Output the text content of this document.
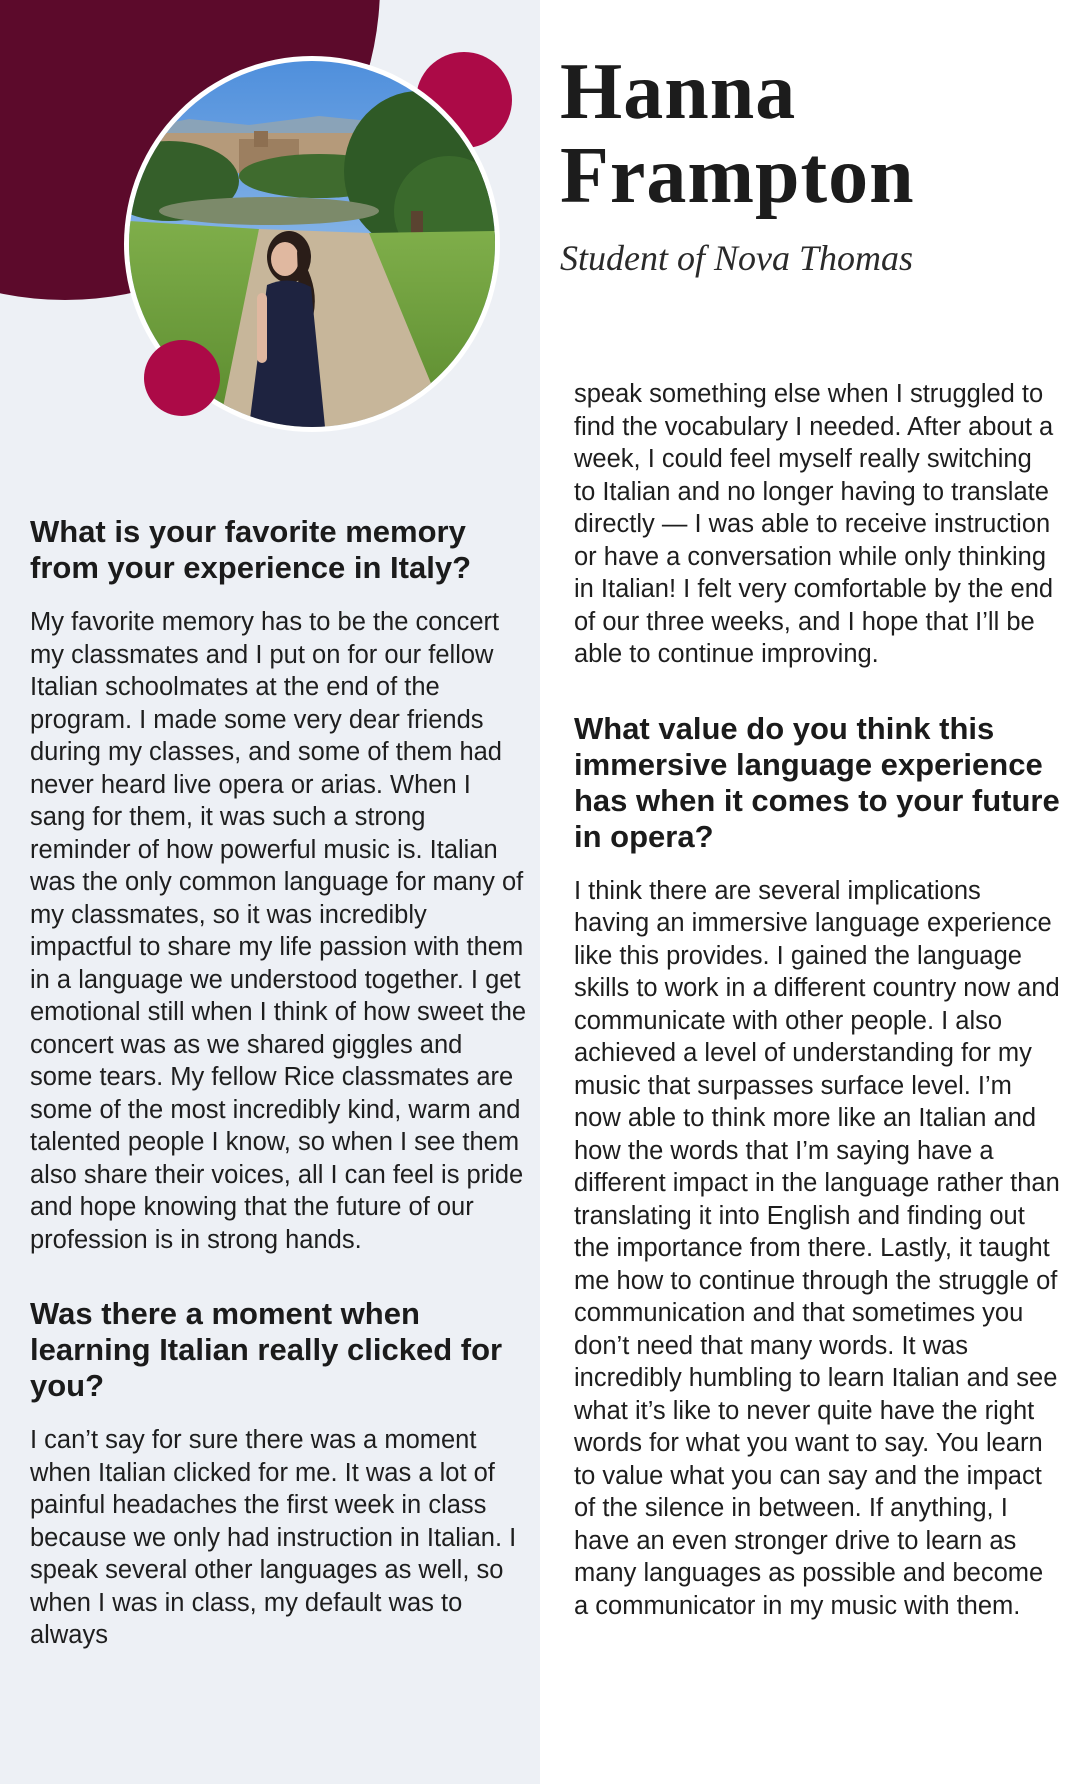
Hanna
Frampton
Student of Nova Thomas
What is your favorite memory from your experience in Italy?

My favorite memory has to be the concert my classmates and I put on for our fellow Italian schoolmates at the end of the program. I made some very dear friends during my classes, and some of them had never heard live opera or arias. When I sang for them, it was such a strong reminder of how powerful music is. Italian was the only common language for many of my classmates, so it was incredibly impactful to share my life passion with them in a language we understood together. I get emotional still when I think of how sweet the concert was as we shared giggles and some tears. My fellow Rice classmates are some of the most incredibly kind, warm and talented people I know, so when I see them also share their voices, all I can feel is pride and hope knowing that the future of our profession is in strong hands.

Was there a moment when learning Italian really clicked for you?

I can’t say for sure there was a moment when Italian clicked for me. It was a lot of painful headaches the first week in class because we only had instruction in Italian. I speak several other languages as well, so when I was in class, my default was to always

speak something else when I struggled to find the vocabulary I needed. After about a week, I could feel myself really switching to Italian and no longer having to translate directly — I was able to receive instruction or have a conversation while only thinking in Italian! I felt very comfortable by the end of our three weeks, and I hope that I’ll be able to continue improving.

What value do you think this immersive language experience has when it comes to your future in opera?

I think there are several implications having an immersive language experience like this provides. I gained the language skills to work in a different country now and communicate with other people. I also achieved a level of understanding for my music that surpasses surface level. I’m now able to think more like an Italian and how the words that I’m saying have a different impact in the language rather than translating it into English and finding out the importance from there. Lastly, it taught me how to continue through the struggle of communication and that sometimes you don’t need that many words. It was incredibly humbling to learn Italian and see what it’s like to never quite have the right words for what you want to say. You learn to value what you can say and the impact of the silence in between. If anything, I have an even stronger drive to learn as many languages as possible and become a communicator in my music with them.
